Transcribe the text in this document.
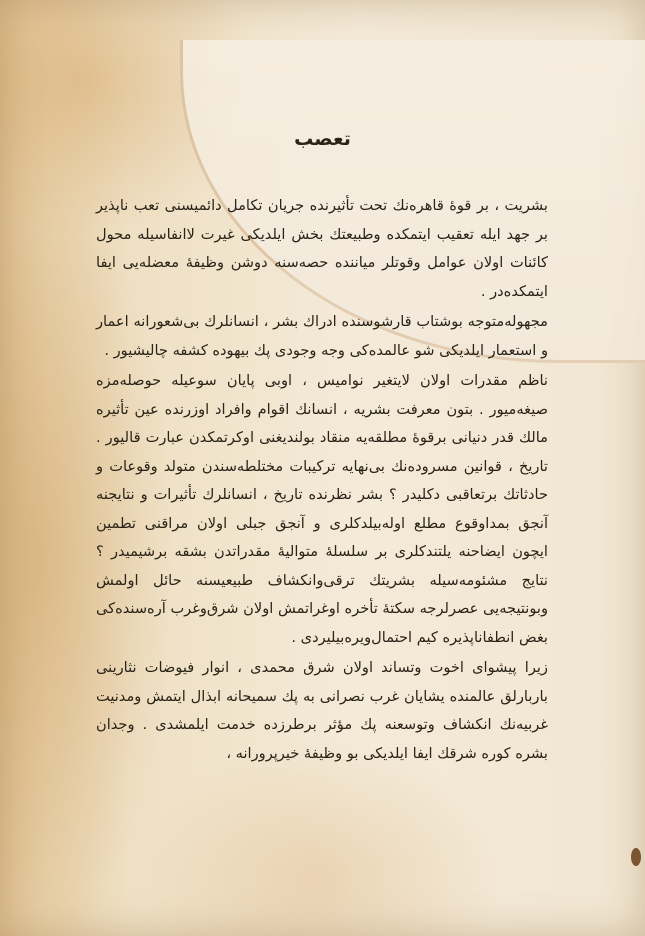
تعصب

بشریت ، بر قوهٔ قاهره‌نك تحت تأثیرنده جریان تکامل دائمیسنی تعب ناپذیر بر جهد ایله تعقیب ایتمکده وطبیعتك بخش ایلدیکی غیرت لاانفاسیله محول کائنات اولان عوامل وقوتلر میاننده حصه‌سنه دوشن وظیفهٔ معضله‌یی ایفا ایتمکده‌در .

مجهوله‌متوجه بوشتاب قارشوسنده ادراك بشر ، انسانلرك بی‌شعورانه اعمار و استعمار ایلدیکی شو عالمده‌کی وجه وجودی پك بیهوده کشفه چالیشیور .

ناظم مقدرات اولان لایتغیر نوامیس ، اوبی پایان سوعیله حوصله‌مزه صیغه‌میور . بتون معرفت بشریه ، انسانك اقوام وافراد اوزرنده عین تأثیره مالك قدر دنیانی برقوهٔ مطلقه‌یه منقاد بولندیغنی اوکرتمکدن عبارت قالیور . تاریخ ، قوانین مسروده‌نك بی‌نهایه ترکیبات مختلطه‌سندن متولد وقوعات و حادثاتك برتعاقبی دکلیدر ؟ بشر نظرنده تاریخ ، انسانلرك تأثیرات و نتایجنه آنجق بمداوقوع مطلع اوله‌بیلدکلری و آنجق جبلی اولان مراقنی تطمین ایچون ایضاحنه یلتندکلری بر سلسلهٔ متوالیهٔ مقدراتدن بشقه برشیمیدر ؟ نتایج مشئومه‌سیله بشریتك ترقی‌وانکشاف طبیعیسنه حائل اولمش وبونتیجه‌یی عصرلرجه سکتهٔ تأخره اوغراتمش اولان شرق‌وغرب آره‌سنده‌کی بغض انطفاناپذیره کیم احتمال‌ویره‌بیلیردی .

زیرا پیشوای اخوت وتساند اولان شرق محمدی ، انوار فیوضات نثارینی باربارلق عالمنده یشایان غرب نصرانی به پك سمیحانه ابذال ایتمش ومدنیت غربیه‌نك انکشاف وتوسعنه پك مؤثر برطرزده خدمت ایلمشدی . وجدان بشره کوره شرقك ایفا ایلدیکی بو وظیفهٔ خیرپرورانه ،
